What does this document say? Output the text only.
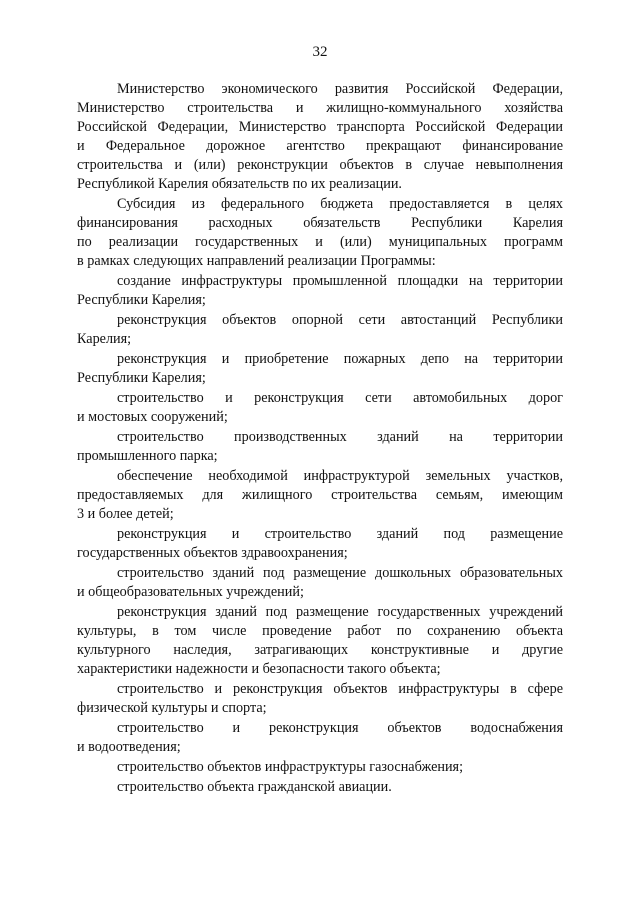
32
Министерство экономического развития Российской Федерации,
Министерство строительства и жилищно-коммунального хозяйства
Российской Федерации, Министерство транспорта Российской Федерации
и Федеральное дорожное агентство прекращают финансирование
строительства и (или) реконструкции объектов в случае невыполнения
Республикой Карелия обязательств по их реализации.
Субсидия из федерального бюджета предоставляется в целях
финансирования расходных обязательств Республики Карелия
по реализации государственных и (или) муниципальных программ
в рамках следующих направлений реализации Программы:
создание инфраструктуры промышленной площадки на территории
Республики Карелия;
реконструкция объектов опорной сети автостанций Республики
Карелия;
реконструкция и приобретение пожарных депо на территории
Республики Карелия;
строительство и реконструкция сети автомобильных дорог
и мостовых сооружений;
строительство производственных зданий на территории
промышленного парка;
обеспечение необходимой инфраструктурой земельных участков,
предоставляемых для жилищного строительства семьям, имеющим
3 и более детей;
реконструкция и строительство зданий под размещение
государственных объектов здравоохранения;
строительство зданий под размещение дошкольных образовательных
и общеобразовательных учреждений;
реконструкция зданий под размещение государственных учреждений
культуры, в том числе проведение работ по сохранению объекта
культурного наследия, затрагивающих конструктивные и другие
характеристики надежности и безопасности такого объекта;
строительство и реконструкция объектов инфраструктуры в сфере
физической культуры и спорта;
строительство и реконструкция объектов водоснабжения
и водоотведения;
строительство объектов инфраструктуры газоснабжения;
строительство объекта гражданской авиации.
